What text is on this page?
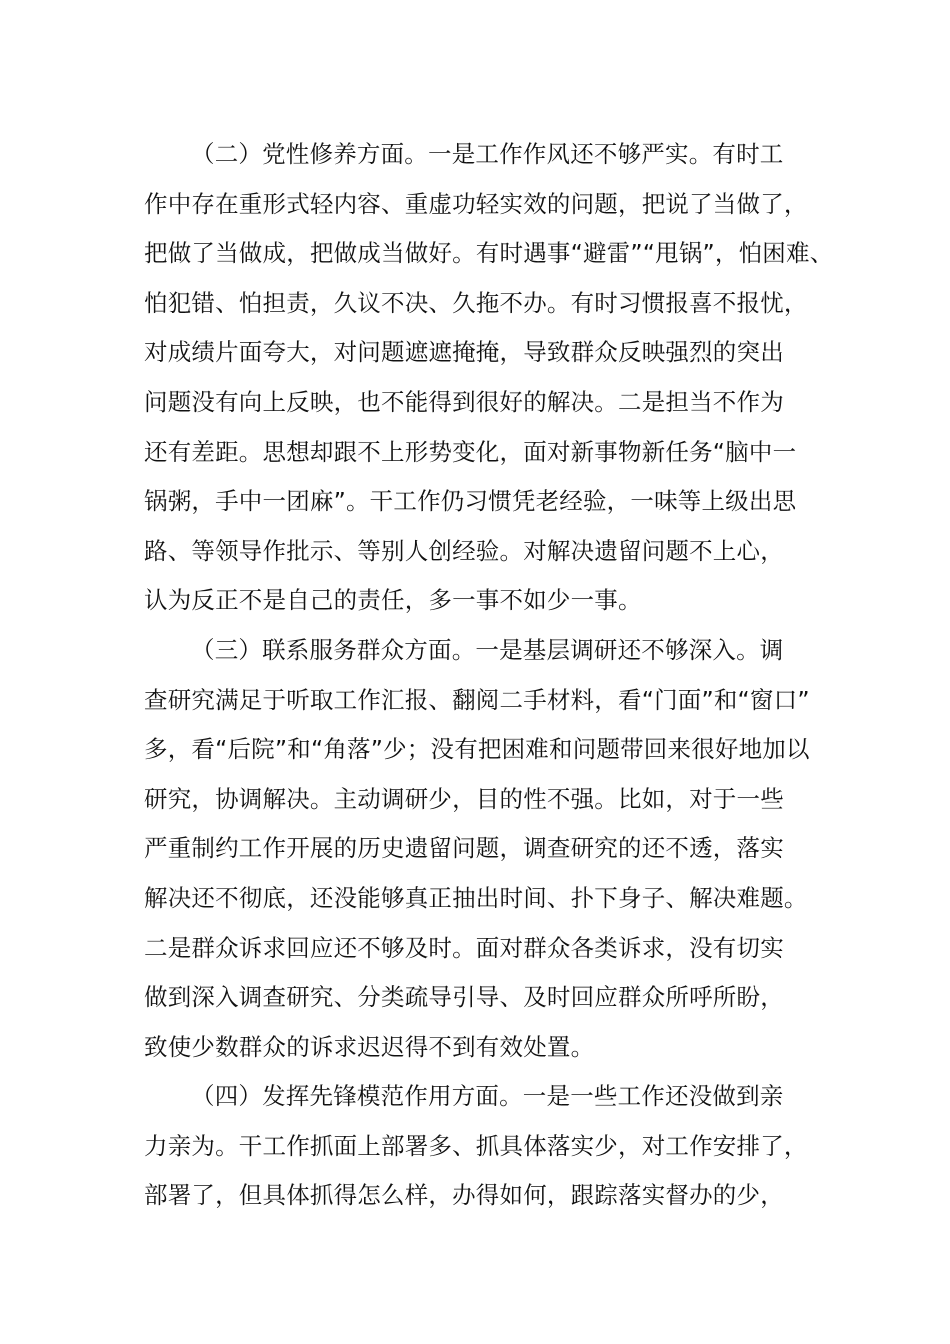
（二）党性修养方面。一是工作作风还不够严实。有时工
作中存在重形式轻内容、重虚功轻实效的问题，把说了当做了，
把做了当做成，把做成当做好。有时遇事“避雷”“甩锅”，怕困难、
怕犯错、怕担责，久议不决、久拖不办。有时习惯报喜不报忧，
对成绩片面夸大，对问题遮遮掩掩，导致群众反映强烈的突出
问题没有向上反映，也不能得到很好的解决。二是担当不作为
还有差距。思想却跟不上形势变化，面对新事物新任务“脑中一
锅粥，手中一团麻”。干工作仍习惯凭老经验，一味等上级出思
路、等领导作批示、等别人创经验。对解决遗留问题不上心，
认为反正不是自己的责任，多一事不如少一事。
（三）联系服务群众方面。一是基层调研还不够深入。调
查研究满足于听取工作汇报、翻阅二手材料，看“门面”和“窗口”
多，看“后院”和“角落”少；没有把困难和问题带回来很好地加以
研究，协调解决。主动调研少，目的性不强。比如，对于一些
严重制约工作开展的历史遗留问题，调查研究的还不透，落实
解决还不彻底，还没能够真正抽出时间、扑下身子、解决难题。
二是群众诉求回应还不够及时。面对群众各类诉求，没有切实
做到深入调查研究、分类疏导引导、及时回应群众所呼所盼，
致使少数群众的诉求迟迟得不到有效处置。
（四）发挥先锋模范作用方面。一是一些工作还没做到亲
力亲为。干工作抓面上部署多、抓具体落实少，对工作安排了，
部署了，但具体抓得怎么样，办得如何，跟踪落实督办的少，
